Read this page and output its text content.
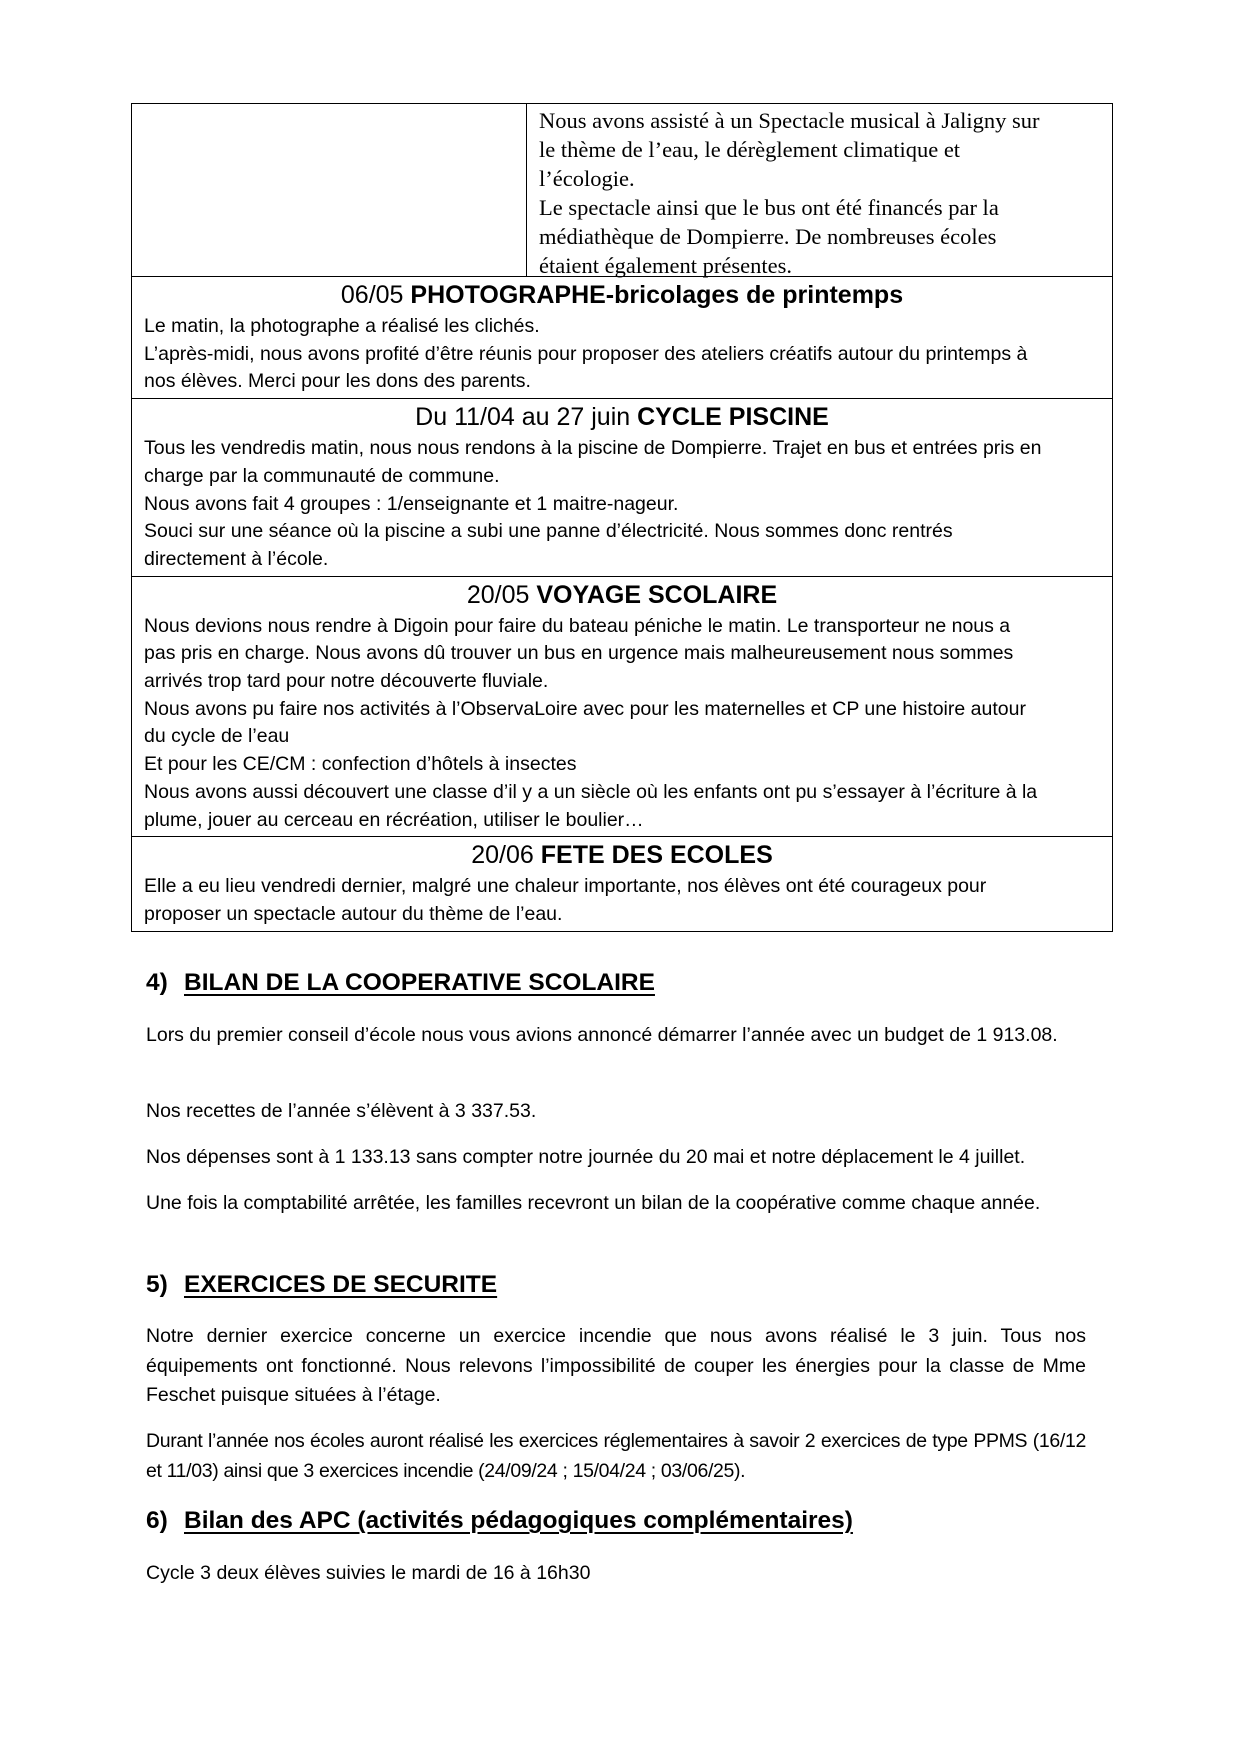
Nous avons assisté à un Spectacle musical à Jaligny sur

le thème de l’eau, le dérèglement climatique et

l’écologie.

Le spectacle ainsi que le bus ont été financés par la

médiathèque de Dompierre. De nombreuses écoles

étaient également présentes.

06/05 PHOTOGRAPHE-bricolages de printemps

Le matin, la photographe a réalisé les clichés.

L’après-midi, nous avons profité d’être réunis pour proposer des ateliers créatifs autour du printemps à

nos élèves. Merci pour les dons des parents.

Du 11/04 au 27 juin CYCLE PISCINE

Tous les vendredis matin, nous nous rendons à la piscine de Dompierre. Trajet en bus et entrées pris en

charge par la communauté de commune.

Nous avons fait 4 groupes : 1/enseignante et 1 maitre-nageur.

Souci sur une séance où la piscine a subi une panne d’électricité. Nous sommes donc rentrés

directement à l’école.

20/05 VOYAGE SCOLAIRE

Nous devions nous rendre à Digoin pour faire du bateau péniche le matin. Le transporteur ne nous a

pas pris en charge. Nous avons dû trouver un bus en urgence mais malheureusement nous sommes

arrivés trop tard pour notre découverte fluviale.

Nous avons pu faire nos activités à l’ObservaLoire avec pour les maternelles et CP une histoire autour

du cycle de l’eau

Et pour les CE/CM : confection d’hôtels à insectes

Nous avons aussi découvert une classe d’il y a un siècle où les enfants ont pu s’essayer à l’écriture à la

plume, jouer au cerceau en récréation, utiliser le boulier…

20/06 FETE DES ECOLES

Elle a eu lieu vendredi dernier, malgré une chaleur importante, nos élèves ont été courageux pour

proposer un spectacle autour du thème de l’eau.

4) BILAN DE LA COOPERATIVE SCOLAIRE

Lors du premier conseil d’école nous vous avions annoncé démarrer l’année avec un budget de 1 913.08.

Nos recettes de l’année s’élèvent à 3 337.53.

Nos dépenses sont à 1 133.13 sans compter notre journée du 20 mai et notre déplacement le 4 juillet.

Une fois la comptabilité arrêtée, les familles recevront un bilan de la coopérative comme chaque année.

5) EXERCICES DE SECURITE

Notre dernier exercice concerne un exercice incendie que nous avons réalisé le 3 juin. Tous nos équipements ont fonctionné. Nous relevons l’impossibilité de couper les énergies pour la classe de Mme Feschet puisque situées à l’étage.

Durant l’année nos écoles auront réalisé les exercices réglementaires à savoir 2 exercices de type PPMS (16/12 et 11/03) ainsi que 3 exercices incendie (24/09/24 ; 15/04/24 ; 03/06/25).

6) Bilan des APC (activités pédagogiques complémentaires)

Cycle 3 deux élèves suivies le mardi de 16 à 16h30
